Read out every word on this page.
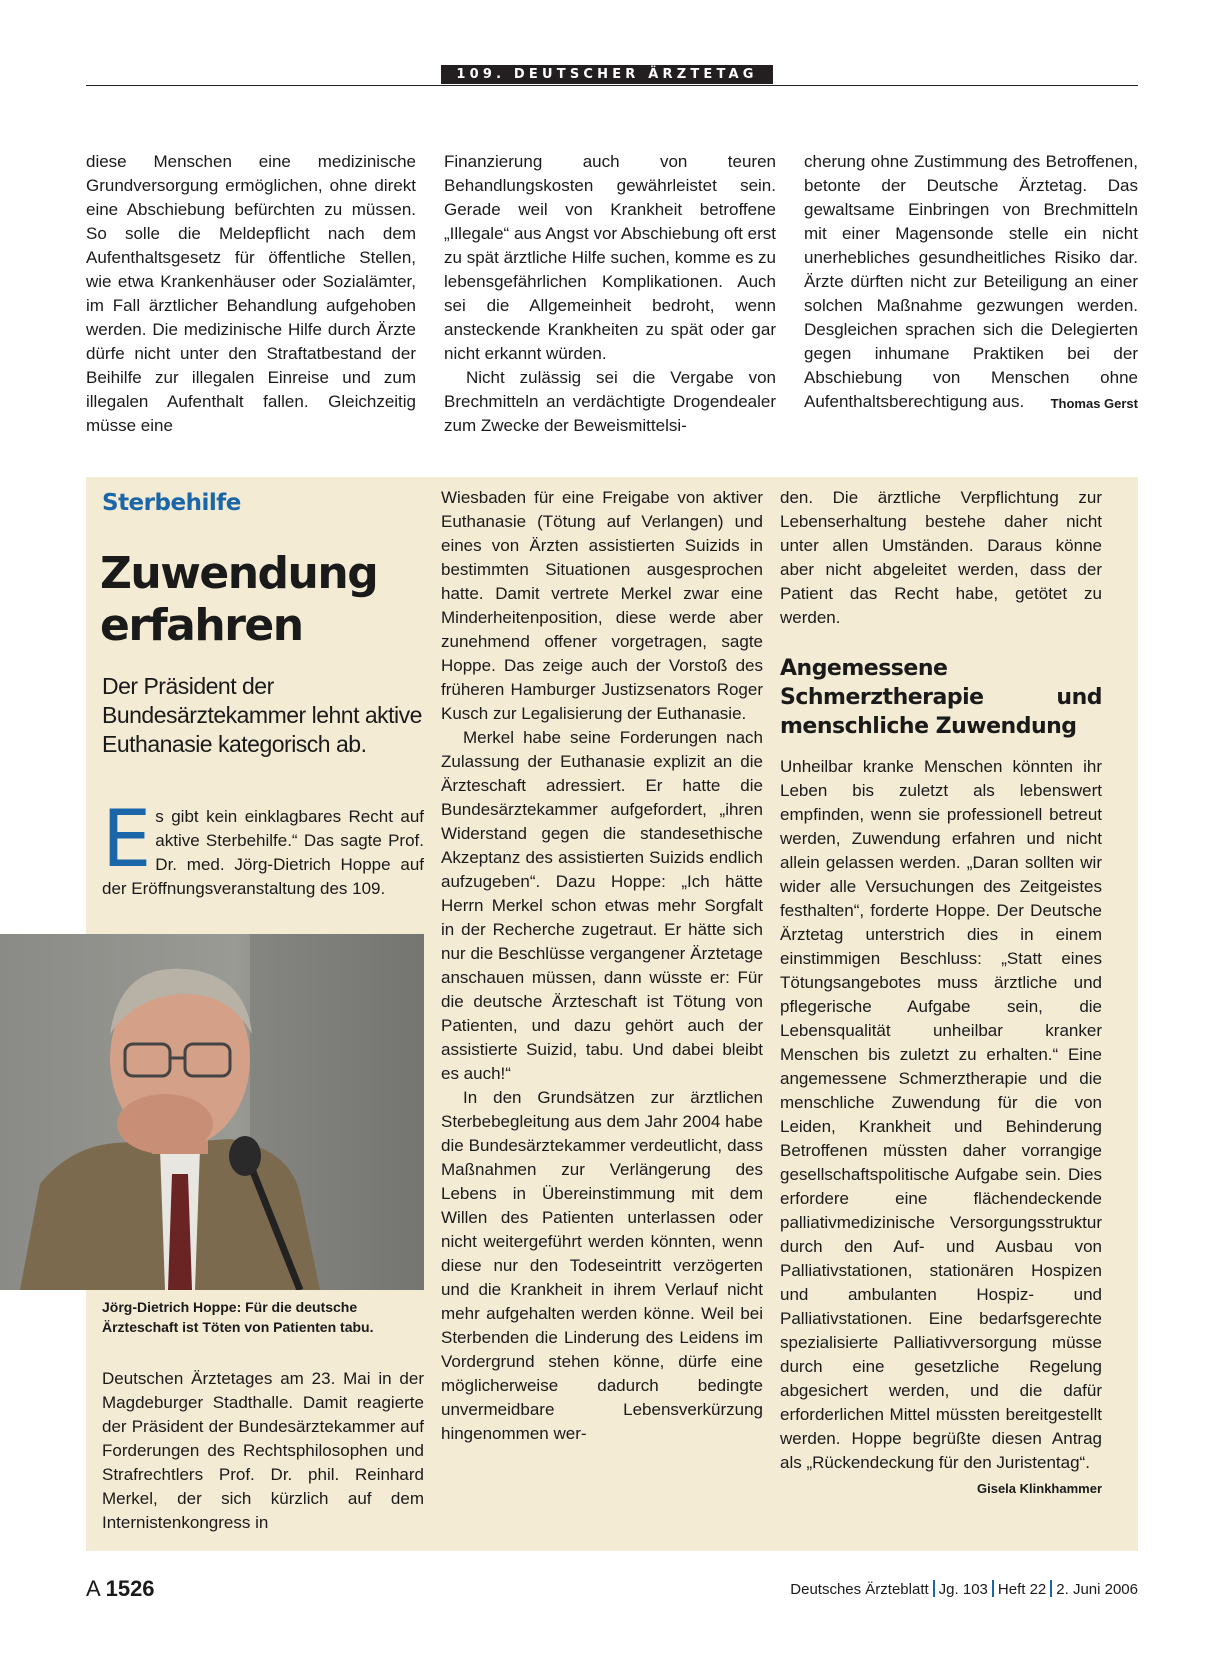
109. DEUTSCHER ÄRZTETAG

diese Menschen eine medizinische Grundversorgung ermöglichen, ohne direkt eine Abschiebung befürchten zu müssen. So solle die Meldepflicht nach dem Aufenthaltsgesetz für öffentliche Stellen, wie etwa Krankenhäuser oder Sozialämter, im Fall ärztlicher Behandlung aufgehoben werden. Die medizinische Hilfe durch Ärzte dürfe nicht unter den Straftatbestand der Beihilfe zur illegalen Einreise und zum illegalen Aufenthalt fallen. Gleichzeitig müsse eine

Finanzierung auch von teuren Behandlungskosten gewährleistet sein. Gerade weil von Krankheit betroffene „Illegale“ aus Angst vor Abschiebung oft erst zu spät ärztliche Hilfe suchen, komme es zu lebensgefährlichen Komplikationen. Auch sei die Allgemeinheit bedroht, wenn ansteckende Krankheiten zu spät oder gar nicht erkannt würden.

Nicht zulässig sei die Vergabe von Brechmitteln an verdächtigte Drogendealer zum Zwecke der Beweismittelsi-

cherung ohne Zustimmung des Betroffenen, betonte der Deutsche Ärztetag. Das gewaltsame Einbringen von Brechmitteln mit einer Magensonde stelle ein nicht unerhebliches gesundheitliches Risiko dar. Ärzte dürften nicht zur Beteiligung an einer solchen Maßnahme gezwungen werden. Desgleichen sprachen sich die Delegierten gegen inhumane Praktiken bei der Abschiebung von Menschen ohne Aufenthaltsberechtigung aus. Thomas Gerst

Sterbehilfe
Zuwendung
erfahren
Der Präsident der Bundesärztekammer lehnt aktive Euthanasie kategorisch ab.
Es gibt kein einklagbares Recht auf aktive Sterbehilfe.“ Das sagte Prof. Dr. med. Jörg-Dietrich Hoppe auf der Eröffnungsveranstaltung des 109.
Jörg-Dietrich Hoppe: Für die deutsche Ärzteschaft ist Töten von Patienten tabu.

Deutschen Ärztetages am 23. Mai in der Magdeburger Stadthalle. Damit reagierte der Präsident der Bundesärztekammer auf Forderungen des Rechtsphilosophen und Strafrechtlers Prof. Dr. phil. Reinhard Merkel, der sich kürzlich auf dem Internistenkongress in

Wiesbaden für eine Freigabe von aktiver Euthanasie (Tötung auf Verlangen) und eines von Ärzten assistierten Suizids in bestimmten Situationen ausgesprochen hatte. Damit vertrete Merkel zwar eine Minderheitenposition, diese werde aber zunehmend offener vorgetragen, sagte Hoppe. Das zeige auch der Vorstoß des früheren Hamburger Justizsenators Roger Kusch zur Legalisierung der Euthanasie.

Merkel habe seine Forderungen nach Zulassung der Euthanasie explizit an die Ärzteschaft adressiert. Er hatte die Bundesärztekammer aufgefordert, „ihren Widerstand gegen die standesethische Akzeptanz des assistierten Suizids endlich aufzugeben“. Dazu Hoppe: „Ich hätte Herrn Merkel schon etwas mehr Sorgfalt in der Recherche zugetraut. Er hätte sich nur die Beschlüsse vergangener Ärztetage anschauen müssen, dann wüsste er: Für die deutsche Ärzteschaft ist Tötung von Patienten, und dazu gehört auch der assistierte Suizid, tabu. Und dabei bleibt es auch!“

In den Grundsätzen zur ärztlichen Sterbebegleitung aus dem Jahr 2004 habe die Bundesärztekammer verdeutlicht, dass Maßnahmen zur Verlängerung des Lebens in Übereinstimmung mit dem Willen des Patienten unterlassen oder nicht weitergeführt werden könnten, wenn diese nur den Todeseintritt verzögerten und die Krankheit in ihrem Verlauf nicht mehr aufgehalten werden könne. Weil bei Sterbenden die Linderung des Leidens im Vordergrund stehen könne, dürfe eine möglicherweise dadurch bedingte unvermeidbare Lebensverkürzung hingenommen wer-

den. Die ärztliche Verpflichtung zur Lebenserhaltung bestehe daher nicht unter allen Umständen. Daraus könne aber nicht abgeleitet werden, dass der Patient das Recht habe, getötet zu werden.

Angemessene Schmerztherapie und menschliche Zuwendung

Unheilbar kranke Menschen könnten ihr Leben bis zuletzt als lebenswert empfinden, wenn sie professionell betreut werden, Zuwendung erfahren und nicht allein gelassen werden. „Daran sollten wir wider alle Versuchungen des Zeitgeistes festhalten“, forderte Hoppe. Der Deutsche Ärztetag unterstrich dies in einem einstimmigen Beschluss: „Statt eines Tötungsangebotes muss ärztliche und pflegerische Aufgabe sein, die Lebensqualität unheilbar kranker Menschen bis zuletzt zu erhalten.“ Eine angemessene Schmerztherapie und die menschliche Zuwendung für die von Leiden, Krankheit und Behinderung Betroffenen müssten daher vorrangige gesellschaftspolitische Aufgabe sein. Dies erfordere eine flächendeckende palliativmedizinische Versorgungsstruktur durch den Auf- und Ausbau von Palliativstationen, stationären Hospizen und ambulanten Hospiz- und Palliativstationen. Eine bedarfsgerechte spezialisierte Palliativversorgung müsse durch eine gesetzliche Regelung abgesichert werden, und die dafür erforderlichen Mittel müssten bereitgestellt werden. Hoppe begrüßte diesen Antrag als „Rückendeckung für den Juristentag“.
Gisela Klinkhammer

A 1526	Deutsches Ärzteblatt Jg. 103 Heft 22 2. Juni 2006
